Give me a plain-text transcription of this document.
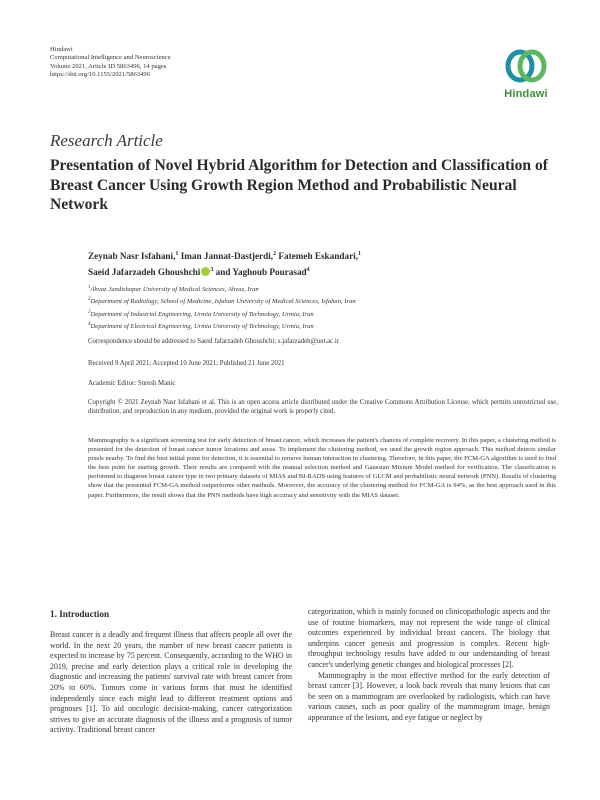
Hindawi
Computational Intelligence and Neuroscience
Volume 2021, Article ID 5863496, 14 pages
https://doi.org/10.1155/2021/5863496
Hindawi
Research Article
Presentation of Novel Hybrid Algorithm for Detection and Classification of Breast Cancer Using Growth Region Method and Probabilistic Neural Network
Zeynab Nasr Isfahani,$^1$ Iman Jannat-Dastjerdi,$^2$ Fatemeh Eskandari,$^1$
Saeid Jafarzadeh Ghoushchi $^3$ and Yaghoub Pourasad$^4$
$^1$Ahvaz Jundishapur University of Medical Sciences, Ahvaz, Iran
$^2$Department of Radiology, School of Medicine, Isfahan University of Medical Sciences, Isfahan, Iran
$^3$Department of Industrial Engineering, Urmia University of Technology, Urmia, Iran
$^4$Department of Electrical Engineering, Urmia University of Technology, Urmia, Iran
Correspondence should be addressed to Saeid Jafarzadeh Ghoushchi; s.jafarzadeh@uut.ac.ir
Received 9 April 2021; Accepted 10 June 2021; Published 21 June 2021
Academic Editor: Suresh Manic
Copyright © 2021 Zeynab Nasr Isfahani et al. This is an open access article distributed under the Creative Commons Attribution License, which permits unrestricted use, distribution, and reproduction in any medium, provided the original work is properly cited.
Mammography is a significant screening test for early detection of breast cancer, which increases the patient's chances of complete recovery. In this paper, a clustering method is presented for the detection of breast cancer tumor locations and areas. To implement the clustering method, we used the growth region approach. This method detects similar pixels nearby. To find the best initial point for detection, it is essential to remove human interaction in clustering. Therefore, in this paper, the FCM-GA algorithm is used to find the best point for starting growth. Their results are compared with the manual selection method and Gaussian Mixture Model method for verification. The classification is performed to diagnose breast cancer type in two primary datasets of MIAS and BI-RADS using features of GLCM and probabilistic neural network (PNN). Results of clustering show that the presented FCM-GA method outperforms other methods. Moreover, the accuracy of the clustering method for FCM-GA is 94%, as the best approach used in this paper. Furthermore, the result shows that the PNN methods have high accuracy and sensitivity with the MIAS dataset.
1. Introduction

Breast cancer is a deadly and frequent illness that affects people all over the world. In the next 20 years, the number of new breast cancer patients is expected to increase by 75 percent. Consequently, according to the WHO in 2019, precise and early detection plays a critical role in developing the diagnostic and increasing the patients' survival rate with breast cancer from 20% to 60%. Tumors come in various forms that must be identified independently since each might lead to different treatment options and prognoses [1]. To aid oncologic decision-making, cancer categorization strives to give an accurate diagnosis of the illness and a prognosis of tumor activity. Traditional breast cancer

categorization, which is mainly focused on clinicopathologic aspects and the use of routine biomarkers, may not represent the wide range of clinical outcomes experienced by individual breast cancers. The biology that underpins cancer genesis and progression is complex. Recent high-throughput technology results have added to our understanding of breast cancer's underlying genetic changes and biological processes [2].

Mammography is the most effective method for the early detection of breast cancer [3]. However, a look back reveals that many lesions that can be seen on a mammogram are overlooked by radiologists, which can have various causes, such as poor quality of the mammogram image, benign appearance of the lesions, and eye fatigue or neglect by
